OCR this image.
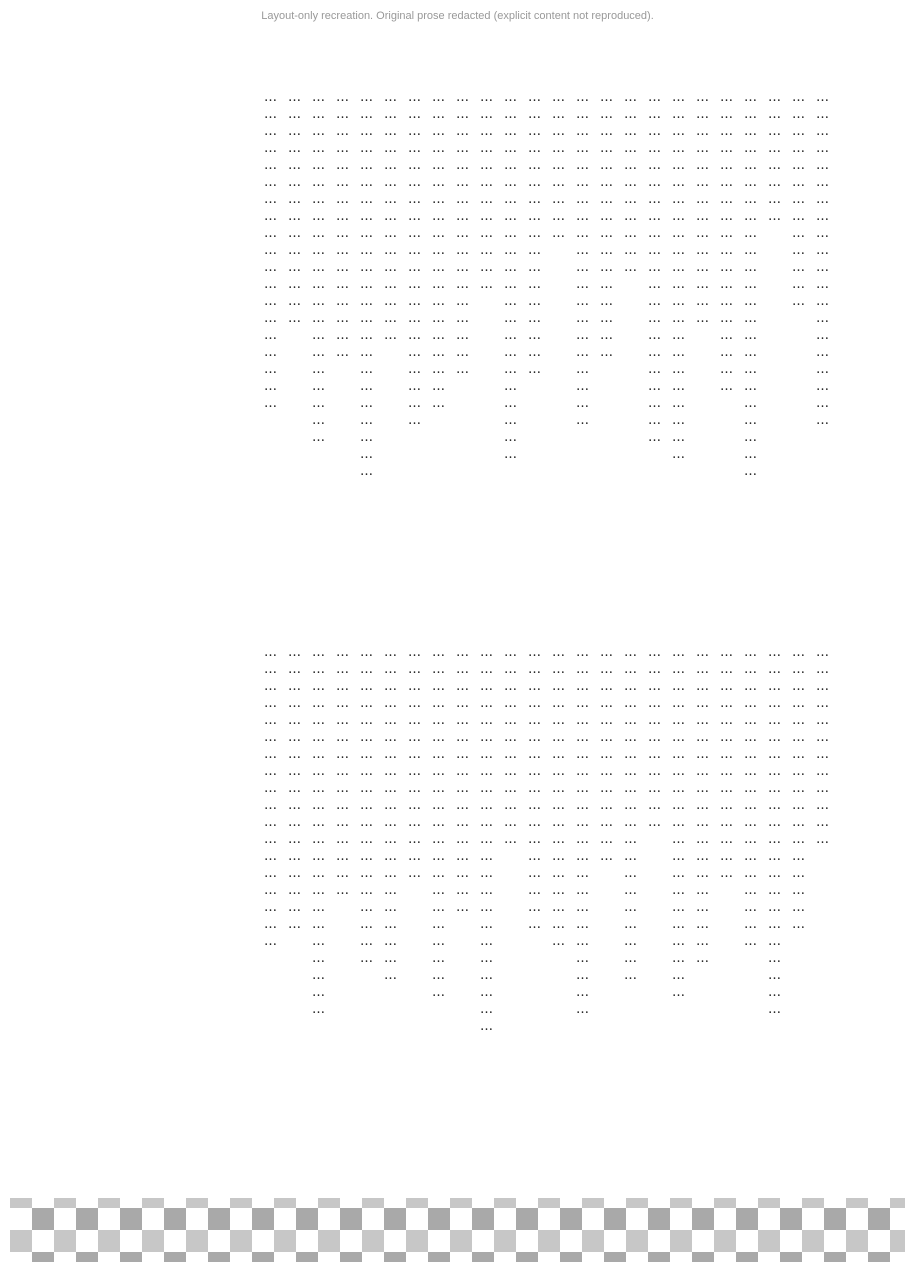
Layout-only recreation. Original prose redacted (explicit content not reproduced).
……………………………………………………
…………………………………
……………………
……………………………………………………………
………………………………………………
……………………………………
…………………………………………………………
………………………………………………………
……………………………
…………………………………………
……………………………………………………
………………………
……………………………………………
…………………………………………………………
………………………………
……………………………………………
…………………………………………………
……………………………………………………
………………………………………
……………………………………………………………
…………………………………………
………………………………………………………
……………………………………
…………………………………………………
………………………………
……………………………………………
…………………………………………………………
………………………………………………
……………………………………
…………………………………………………
………………………………………………………
……………………………
……………………………………………………
…………………………………
…………………………………………………………
………………………………………………
……………………………………………
………………………………
……………………………………………………………
…………………………………………
………………………………………………………
……………………………………
……………………………………………………
…………………………………………………
………………………………………
…………………………………………………………
……………………………………………
………………………………………………
